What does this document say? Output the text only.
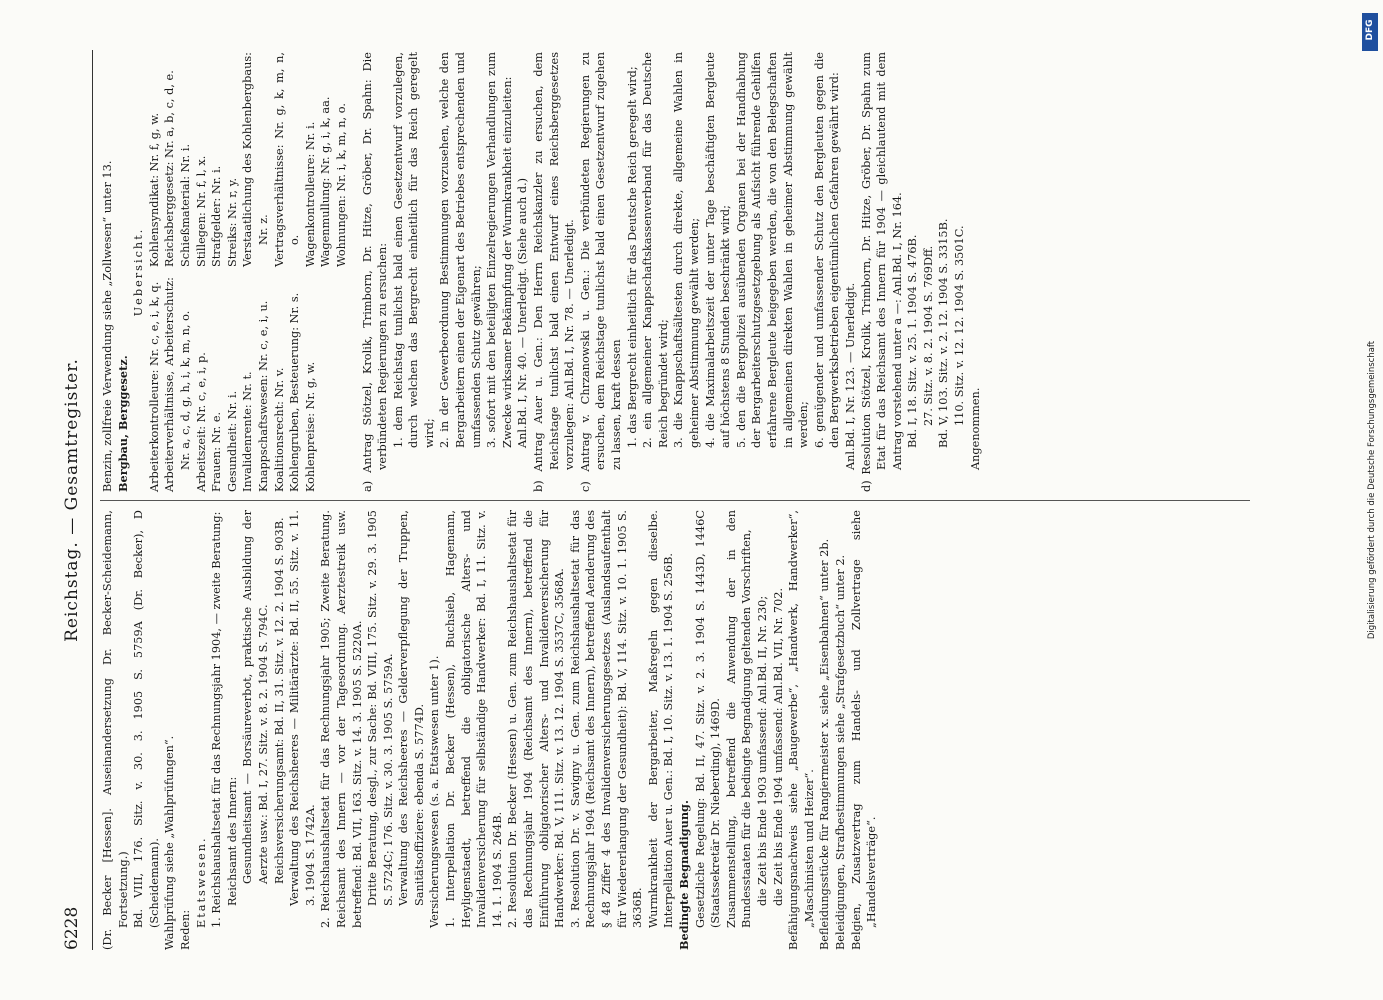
6228
Reichstag. — Gesamtregister.

(Dr. Becker [Hessen]. Auseinandersetzung Dr. Becker-Scheidemann, Fortsetzung.) Bd. VIII, 176. Sitz. v. 30. 3. 1905 S. 5759A (Dr. Becker), D (Scheidemann). Wahlprüfung siehe „Wahlprüfungen“. Reden:

Etatswesen. 1. Reichshaushaltsetat für das Rechnungsjahr 1904, — zweite Beratung: Reichsamt des Innern: Gesundheitsamt — Borsäureverbot, praktische Ausbildung der Aerzte usw.: Bd. I, 27. Sitz. v. 8. 2. 1904 S. 794C. Reichsversicherungsamt: Bd. II, 31. Sitz. v. 12. 2. 1904 S. 903B. Verwaltung des Reichsheeres — Militärärzte: Bd. II, 55. Sitz. v. 11. 3. 1904 S. 1742A. 2. Reichshaushaltsetat für das Rechnungsjahr 1905; Zweite Beratung. Reichsamt des Innern — vor der Tagesordnung. Aerztestreik usw. betreffend: Bd. VII, 163. Sitz. v. 14. 3. 1905 S. 5220A. Dritte Beratung, desgl., zur Sache: Bd. VIII, 175. Sitz. v. 29. 3. 1905 S. 5724C; 176. Sitz. v. 30. 3. 1905 S. 5759A. Verwaltung des Reichsheeres — Gelderverpflegung der Truppen, Sanitätsoffiziere: ebenda S. 5774D. Versicherungswesen (s. a. Etatswesen unter 1). 1. Interpellation Dr. Becker (Hessen), Buchsieb, Hagemann, Heyligenstaedt, betreffend die obligatorische Alters- und Invalidenversicherung für selbständige Handwerker: Bd. I, 11. Sitz. v. 14. 1. 1904 S. 264B. 2. Resolution Dr. Becker (Hessen) u. Gen. zum Reichshaushaltsetat für das Rechnungsjahr 1904 (Reichsamt des Innern), betreffend die Einführung obligatorischer Alters- und Invalidenversicherung für Handwerker: Bd. V, 111. Sitz. v. 13. 12. 1904 S. 3537C, 3568A. 3. Resolution Dr. v. Savigny u. Gen. zum Reichshaushaltsetat für das Rechnungsjahr 1904 (Reichsamt des Innern), betreffend Aenderung des § 48 Ziffer 4 des Invalidenversicherungsgesetzes (Auslandsaufenthalt für Wiedererlangung der Gesundheit): Bd. V, 114. Sitz. v. 10. 1. 1905 S. 3636B. Wurmkrankheit der Bergarbeiter, Maßregeln gegen dieselbe. Interpellation Auer u. Gen.: Bd. I, 10. Sitz. v. 13. 1. 1904 S. 256B. Bedingte Begnadigung. Gesetzliche Regelung: Bd. II, 47. Sitz. v. 2. 3. 1904 S. 1443D, 1446C (Staatssekretär Dr. Nieberding), 1469D. Zusammenstellung, betreffend die Anwendung der in den Bundesstaaten für die bedingte Begnadigung geltenden Vorschriften, die Zeit bis Ende 1903 umfassend: Anl.Bd. II, Nr. 230; die Zeit bis Ende 1904 umfassend: Anl.Bd. VII, Nr. 702. Befähigungsnachweis siehe „Baugewerbe“, „Handwerk, Handwerker“, „Maschinisten und Heizer“. Befleidungsstücke für Rangiermeister x. siehe „Eisenbahnen“ unter 2b. Beleidigungen, Strafbestimmungen siehe „Strafgesetzbuch“ unter 2. Belgien, Zusatzvertrag zum Handels- und Zollvertrage siehe „Handelsverträge“.

Benzin, zollfreie Verwendung siehe „Zollwesen“ unter 13. Bergbau, Berggesetz.

Uebersicht.

Arbeiterkontrolleure: Nr. c, e, i, k, q. Arbeiterverhältnisse, Arbeiterschutz: Nr. a, c, d, g, h, i, k, m, n, o. Arbeitszeit: Nr. c, e, i, p. Frauen: Nr. e. Gesundheit: Nr. i. Invalidenrente: Nr. t. Knappschaftswesen: Nr. c, e, i, u. Koalitionsrecht: Nr. v. Kohlengruben, Besteuerung: Nr. s. Kohlenpreise: Nr. g, w.

Kohlensyndikat: Nr. f, g, w. Reichsberggesetz: Nr. a, b, c, d, e. Schießmaterial: Nr. i. Stillegen: Nr. f, l, x. Strafgelder: Nr. i. Streiks: Nr. r, y. Verstaatlichung des Kohlenbergbaus: Nr. z. Vertragsverhältnisse: Nr. g, k, m, n, o. Wagenkontrolleure: Nr. i. Wagenmullung: Nr. g, i, k, aa. Wohnungen: Nr. i, k, m, n, o. a) Antrag Stötzel, Krolik, Trimborn, Dr. Hitze, Gröber, Dr. Spahn: Die verbündeten Regierungen zu ersuchen: 1. dem Reichstag tunlichst bald einen Gesetzentwurf vorzulegen, durch welchen das Bergrecht einheitlich für das Reich geregelt wird; 2. in der Gewerbeordnung Bestimmungen vorzusehen, welche den Bergarbeitern einen der Eigenart des Betriebes entsprechenden und umfassenden Schutz gewähren; 3. sofort mit den beteiligten Einzelregierungen Verhandlungen zum Zwecke wirksamer Bekämpfung der Wurmkrankheit einzuleiten: Anl.Bd. I, Nr. 40. — Unerledigt. (Siehe auch d.) b) Antrag Auer u. Gen.: Den Herrn Reichskanzler zu ersuchen, dem Reichstage tunlichst bald einen Entwurf eines Reichsberggesetzes vorzulegen: Anl.Bd. I, Nr. 78. — Unerledigt. c) Antrag v. Chrzanowski u. Gen.: Die verbündeten Regierungen zu ersuchen, dem Reichstage tunlichst bald einen Gesetzentwurf zugehen zu lassen, kraft dessen 1. das Bergrecht einheitlich für das Deutsche Reich geregelt wird; 2. ein allgemeiner Knappschaftskassenverband für das Deutsche Reich begründet wird; 3. die Knappschaftsältesten durch direkte, allgemeine Wahlen in geheimer Abstimmung gewählt werden; 4. die Maximalarbeitszeit der unter Tage beschäftigten Bergleute auf höchstens 8 Stunden beschränkt wird; 5. den die Bergpolizei ausübenden Organen bei der Handhabung der Bergarbeiterschutzgesetzgebung als Aufsicht führende Gehilfen erfahrene Bergleute beigegeben werden, die von den Belegschaften in allgemeinen direkten Wahlen in geheimer Abstimmung gewählt werden; 6. genügender und umfassender Schutz den Bergleuten gegen die den Bergwerksbetrieben eigentümlichen Gefahren gewährt wird: Anl.Bd. I, Nr. 123. — Unerledigt. d) Resolution Stötzel, Krolik, Trimborn, Dr. Hitze, Gröber, Dr. Spahn zum Etat für das Reichsamt des Innern für 1904 — gleichlautend mit dem Antrag vorstehend unter a —: Anl.Bd. I, Nr. 164. Bd. I, 18. Sitz. v. 25. 1. 1904 S. 476B. 27. Sitz. v. 8. 2. 1904 S. 769Dff. Bd. V, 103. Sitz. v. 2. 12. 1904 S. 3315B. 110. Sitz. v. 12. 12. 1904 S. 3501C.

Angenommen.

DFG
Digitalisierung gefördert durch die Deutsche Forschungsgemeinschaft
